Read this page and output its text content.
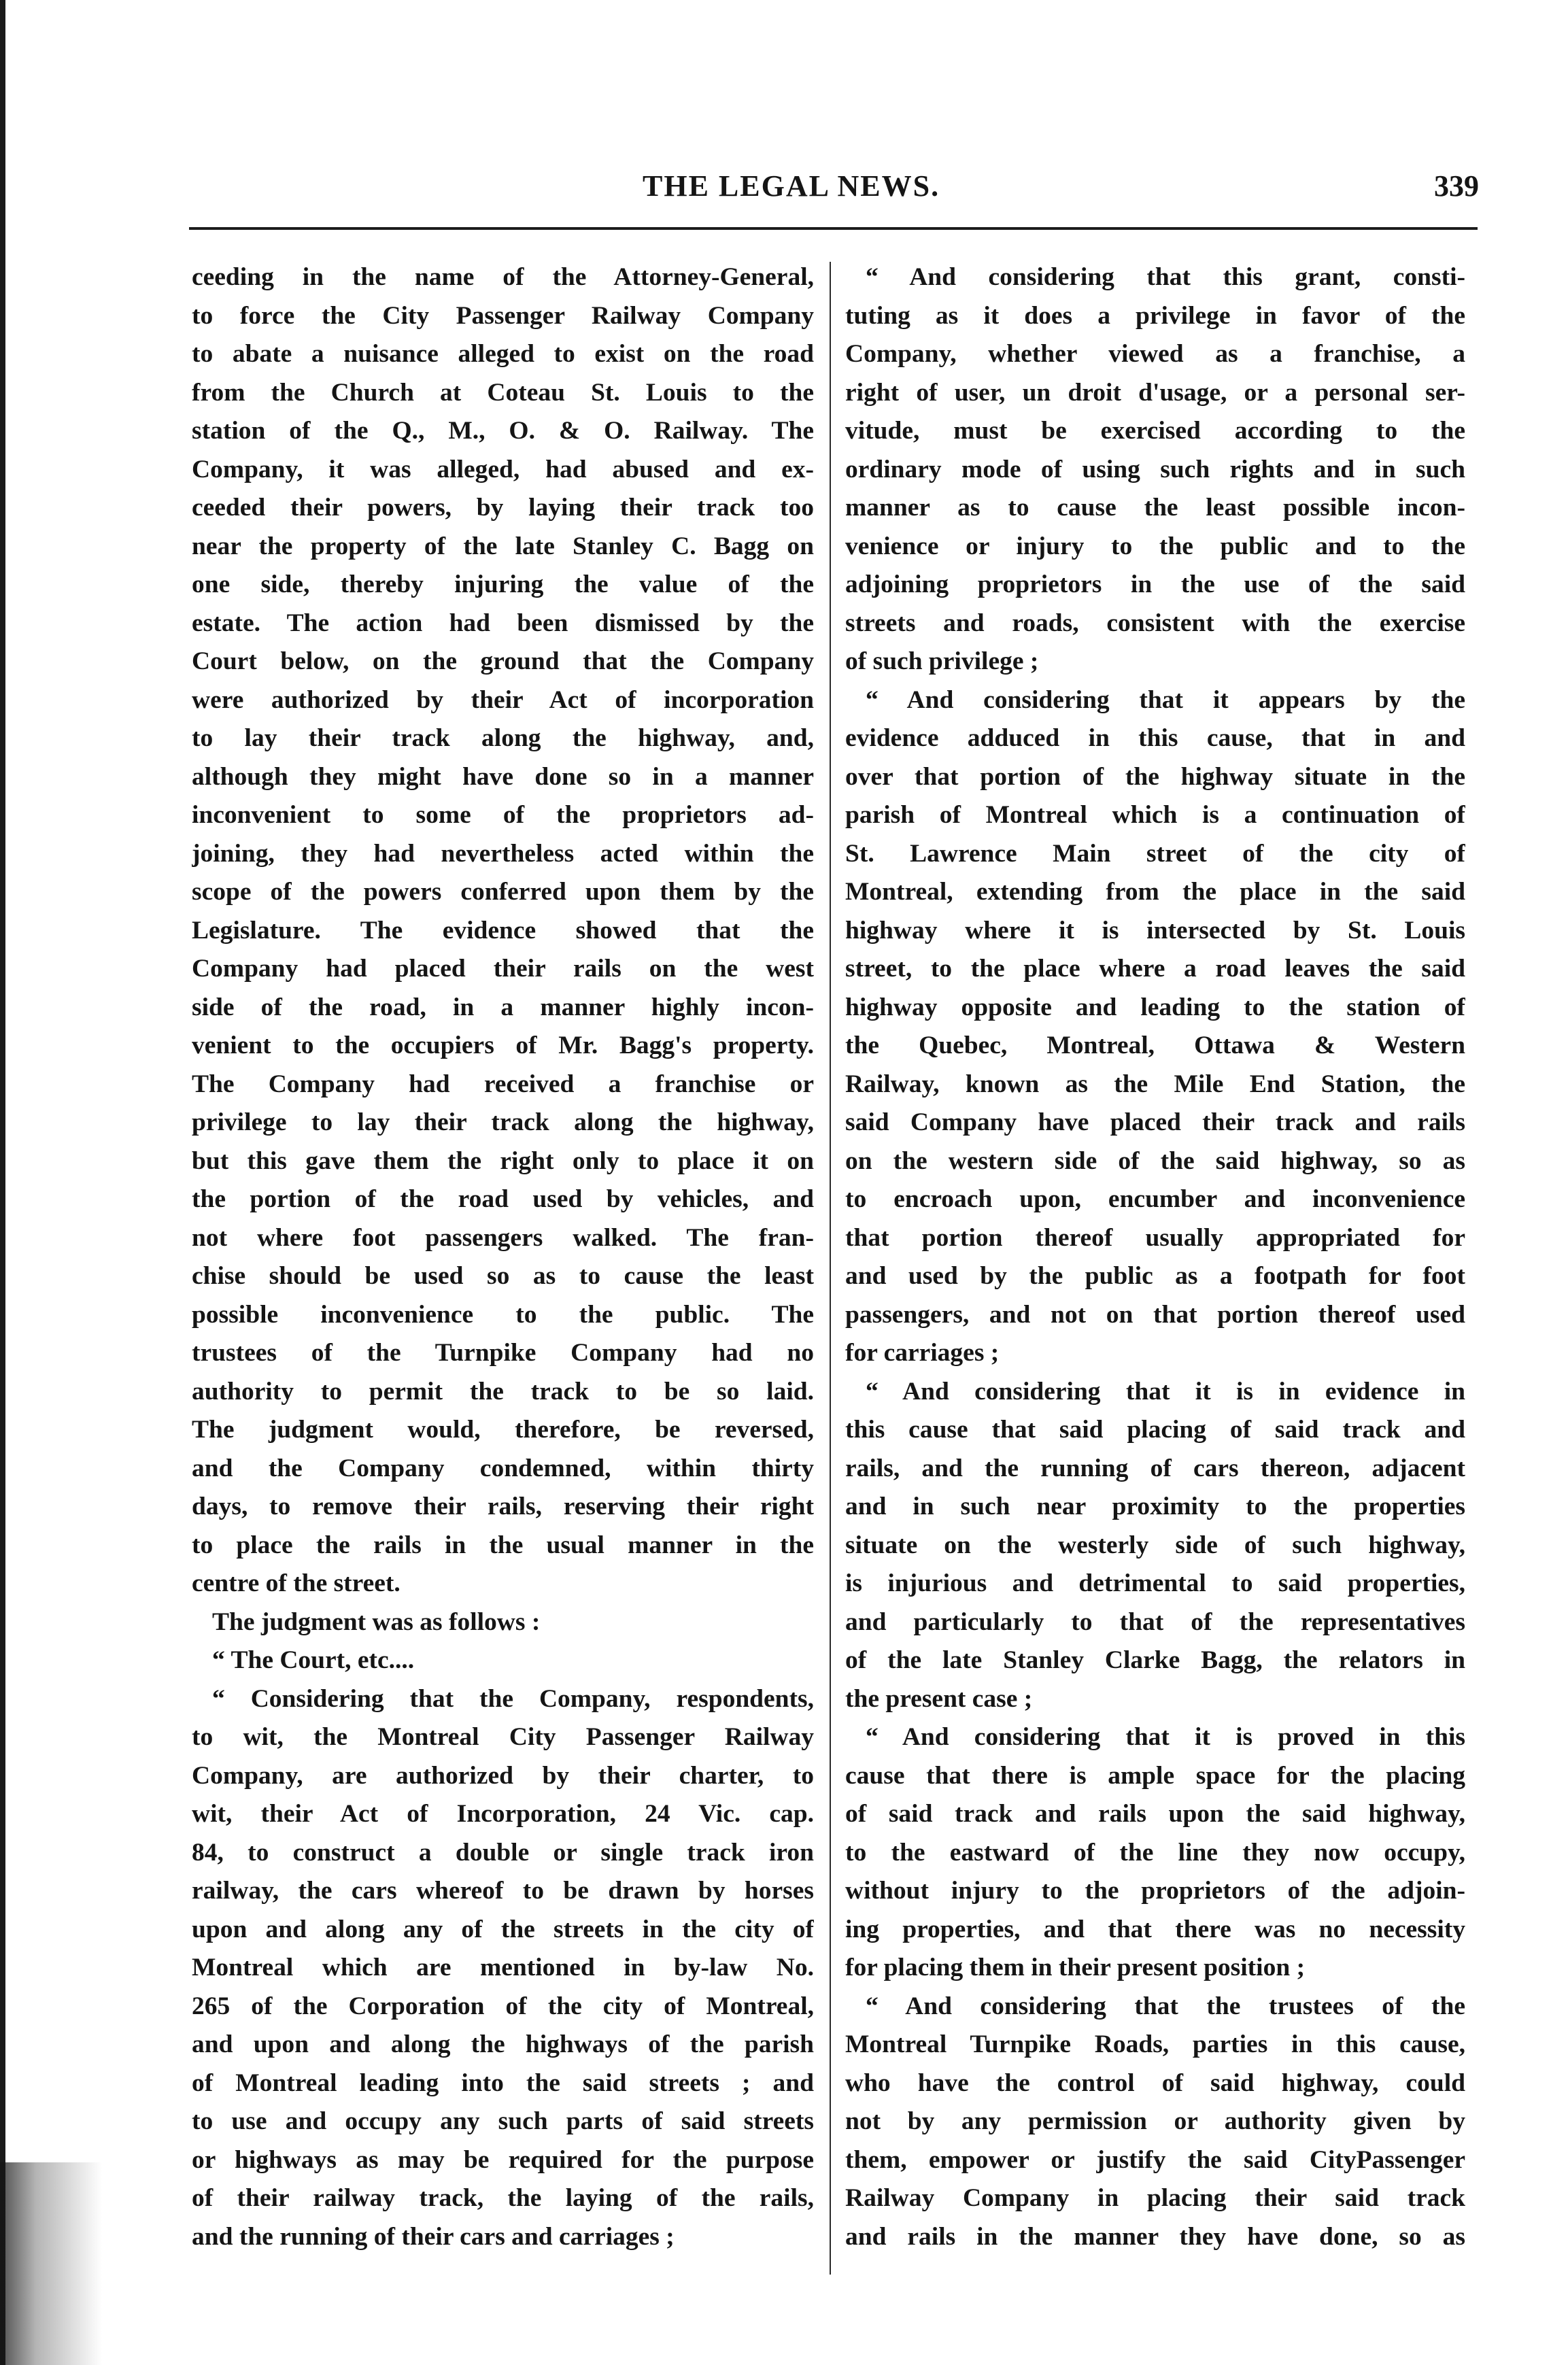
THE LEGAL NEWS.	339
ceeding in the name of the Attorney-General,
to force the City Passenger Railway Company
to abate a nuisance alleged to exist on the road
from the Church at Coteau St. Louis to the
station of the Q., M., O. & O. Railway. The
Company, it was alleged, had abused and ex-
ceeded their powers, by laying their track too
near the property of the late Stanley C. Bagg on
one side, thereby injuring the value of the
estate. The action had been dismissed by the
Court below, on the ground that the Company
were authorized by their Act of incorporation
to lay their track along the highway, and,
although they might have done so in a manner
inconvenient to some of the proprietors ad-
joining, they had nevertheless acted within the
scope of the powers conferred upon them by the
Legislature. The evidence showed that the
Company had placed their rails on the west
side of the road, in a manner highly incon-
venient to the occupiers of Mr. Bagg's property.
The Company had received a franchise or
privilege to lay their track along the highway,
but this gave them the right only to place it on
the portion of the road used by vehicles, and
not where foot passengers walked. The fran-
chise should be used so as to cause the least
possible inconvenience to the public. The
trustees of the Turnpike Company had no
authority to permit the track to be so laid.
The judgment would, therefore, be reversed,
and the Company condemned, within thirty
days, to remove their rails, reserving their right
to place the rails in the usual manner in the
centre of the street.
The judgment was as follows :
“ The Court, etc....
“ Considering that the Company, respondents,
to wit, the Montreal City Passenger Railway
Company, are authorized by their charter, to
wit, their Act of Incorporation, 24 Vic. cap.
84, to construct a double or single track iron
railway, the cars whereof to be drawn by horses
upon and along any of the streets in the city of
Montreal which are mentioned in by-law No.
265 of the Corporation of the city of Montreal,
and upon and along the highways of the parish
of Montreal leading into the said streets ; and
to use and occupy any such parts of said streets
or highways as may be required for the purpose
of their railway track, the laying of the rails,
and the running of their cars and carriages ;
“ And considering that this grant, consti-
tuting as it does a privilege in favor of the
Company, whether viewed as a franchise, a
right of user, un droit d'usage, or a personal ser-
vitude, must be exercised according to the
ordinary mode of using such rights and in such
manner as to cause the least possible incon-
venience or injury to the public and to the
adjoining proprietors in the use of the said
streets and roads, consistent with the exercise
of such privilege ;
“ And considering that it appears by the
evidence adduced in this cause, that in and
over that portion of the highway situate in the
parish of Montreal which is a continuation of
St. Lawrence Main street of the city of
Montreal, extending from the place in the said
highway where it is intersected by St. Louis
street, to the place where a road leaves the said
highway opposite and leading to the station of
the Quebec, Montreal, Ottawa & Western
Railway, known as the Mile End Station, the
said Company have placed their track and rails
on the western side of the said highway, so as
to encroach upon, encumber and inconvenience
that portion thereof usually appropriated for
and used by the public as a footpath for foot
passengers, and not on that portion thereof used
for carriages ;
“ And considering that it is in evidence in
this cause that said placing of said track and
rails, and the running of cars thereon, adjacent
and in such near proximity to the properties
situate on the westerly side of such highway,
is injurious and detrimental to said properties,
and particularly to that of the representatives
of the late Stanley Clarke Bagg, the relators in
the present case ;
“ And considering that it is proved in this
cause that there is ample space for the placing
of said track and rails upon the said highway,
to the eastward of the line they now occupy,
without injury to the proprietors of the adjoin-
ing properties, and that there was no necessity
for placing them in their present position ;
“ And considering that the trustees of the
Montreal Turnpike Roads, parties in this cause,
who have the control of said highway, could
not by any permission or authority given by
them, empower or justify the said CityPassenger
Railway Company in placing their said track
and rails in the manner they have done, so as
